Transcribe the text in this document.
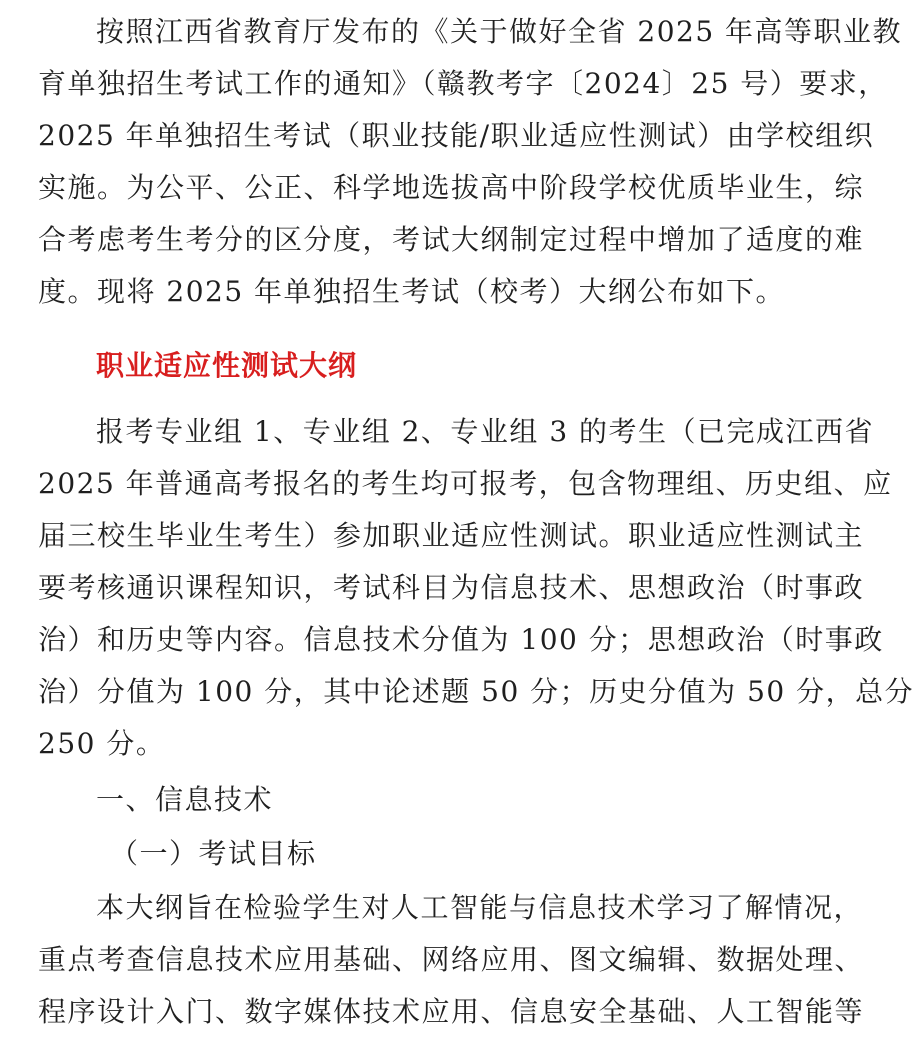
按照江西省教育厅发布的《关于做好全省 2025 年高等职业教
育单独招生考试工作的通知》（赣教考字〔2024〕25 号）要求，
2025 年单独招生考试（职业技能/职业适应性测试）由学校组织
实施。为公平、公正、科学地选拔高中阶段学校优质毕业生，综
合考虑考生考分的区分度，考试大纲制定过程中增加了适度的难
度。现将 2025 年单独招生考试（校考）大纲公布如下。
职业适应性测试大纲
报考专业组 1、专业组 2、专业组 3 的考生（已完成江西省
2025 年普通高考报名的考生均可报考，包含物理组、历史组、应
届三校生毕业生考生）参加职业适应性测试。职业适应性测试主
要考核通识课程知识，考试科目为信息技术、思想政治（时事政
治）和历史等内容。信息技术分值为 100 分；思想政治（时事政
治）分值为 100 分，其中论述题 50 分；历史分值为 50 分，总分
250 分。
一、信息技术
（一）考试目标
本大纲旨在检验学生对人工智能与信息技术学习了解情况，
重点考查信息技术应用基础、网络应用、图文编辑、数据处理、
程序设计入门、数字媒体技术应用、信息安全基础、人工智能等
